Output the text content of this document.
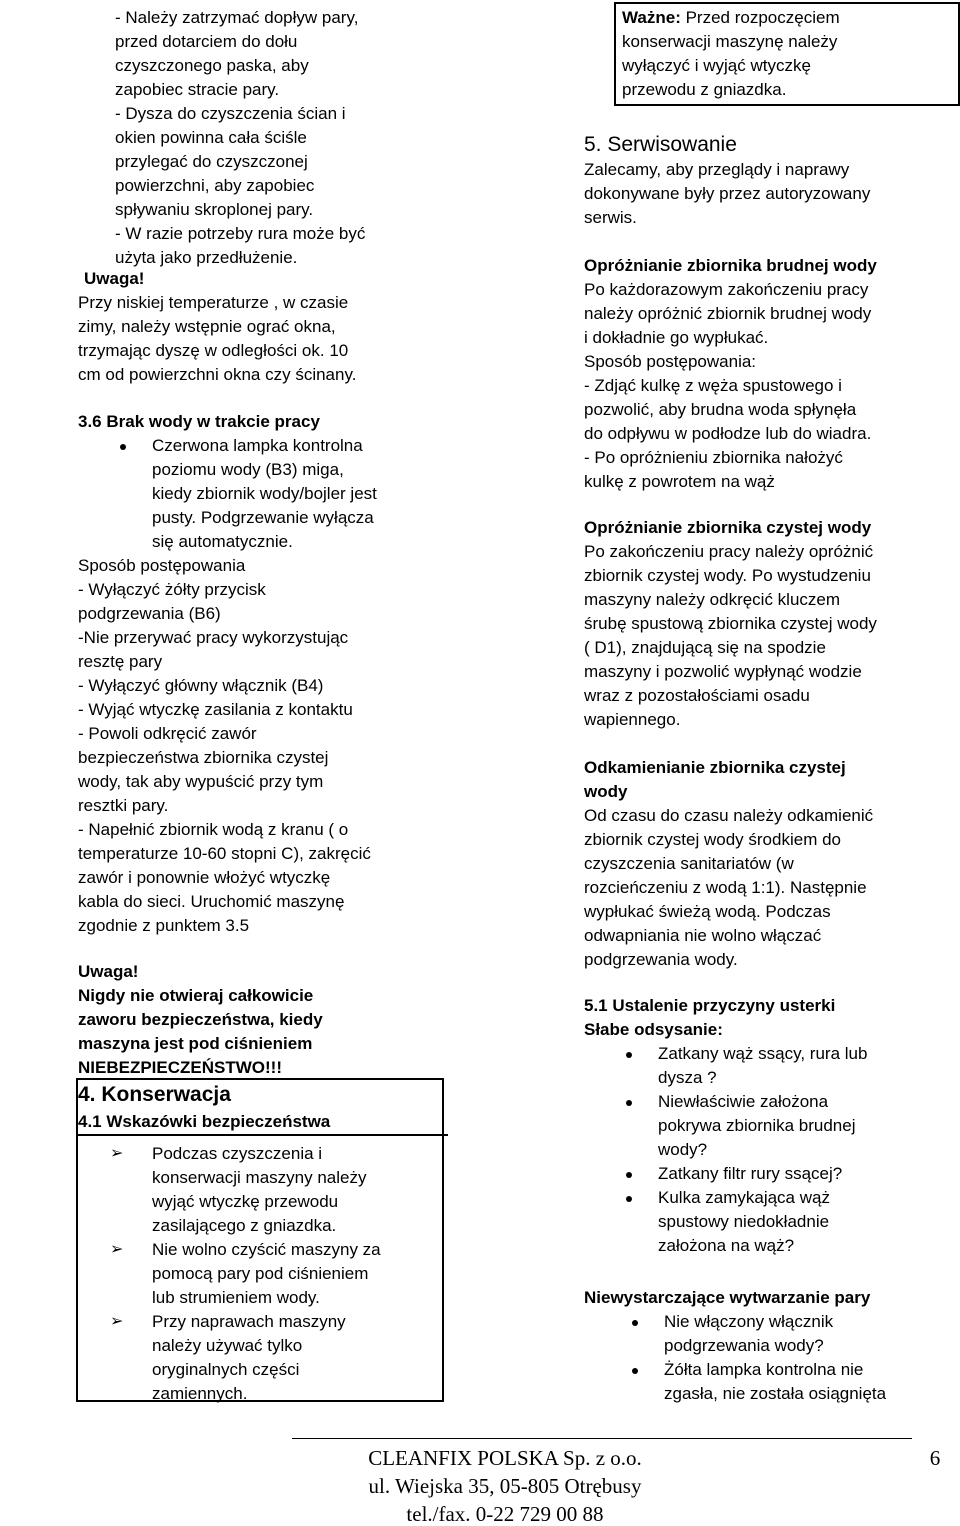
- Należy zatrzymać dopływ pary,
przed dotarciem do dołu
czyszczonego paska, aby
zapobiec stracie pary.
- Dysza do czyszczenia ścian i
okien powinna cała ściśle
przylegać do czyszczonej
powierzchni, aby zapobiec
spływaniu skroplonej pary.
- W razie potrzeby rura może być
użyta jako przedłużenie.
Uwaga!
Przy niskiej temperaturze , w czasie
zimy, należy wstępnie ograć okna,
trzymając dyszę w odległości ok. 10
cm od powierzchni okna czy ścinany.
3.6 Brak wody w trakcie pracy
Czerwona lampka kontrolna
poziomu wody (B3) miga,
kiedy zbiornik wody/bojler jest
pusty. Podgrzewanie wyłącza
się automatycznie.
Sposób postępowania
- Wyłączyć żółty przycisk
podgrzewania (B6)
-Nie przerywać pracy wykorzystując
resztę pary
- Wyłączyć główny włącznik (B4)
- Wyjąć wtyczkę zasilania z kontaktu
- Powoli odkręcić zawór
bezpieczeństwa zbiornika czystej
wody, tak aby wypuścić przy tym
resztki pary.
- Napełnić zbiornik wodą z kranu ( o
temperaturze 10-60 stopni C), zakręcić
zawór i ponownie włożyć wtyczkę
kabla do sieci. Uruchomić maszynę
zgodnie z punktem 3.5
Uwaga!
Nigdy nie otwieraj całkowicie
zaworu bezpieczeństwa, kiedy
maszyna jest pod ciśnieniem
NIEBEZPIECZEŃSTWO!!!
4. Konserwacja
4.1 Wskazówki bezpieczeństwa
➢ Podczas czyszczenia i
konserwacji maszyny należy
wyjąć wtyczkę przewodu
zasilającego z gniazdka.
➢ Nie wolno czyścić maszyny za
pomocą pary pod ciśnieniem
lub strumieniem wody.
➢ Przy naprawach maszyny
należy używać tylko
oryginalnych części
zamiennych.
Ważne: Przed rozpoczęciem
konserwacji maszynę należy
wyłączyć i wyjąć wtyczkę
przewodu z gniazdka.
5. Serwisowanie
Zalecamy, aby przeglądy i naprawy
dokonywane były przez autoryzowany
serwis.
Opróżnianie zbiornika brudnej wody
Po każdorazowym zakończeniu pracy
należy opróżnić zbiornik brudnej wody
i dokładnie go wypłukać.
Sposób postępowania:
- Zdjąć kulkę z węża spustowego i
pozwolić, aby brudna woda spłynęła
do odpływu w podłodze lub do wiadra.
- Po opróżnieniu zbiornika nałożyć
kulkę z powrotem na wąż
Opróżnianie zbiornika czystej wody
Po zakończeniu pracy należy opróżnić
zbiornik czystej wody. Po wystudzeniu
maszyny należy odkręcić kluczem
śrubę spustową zbiornika czystej wody
( D1), znajdującą się na spodzie
maszyny i pozwolić wypłynąć wodzie
wraz z pozostałościami osadu
wapiennego.
Odkamienianie zbiornika czystej
wody
Od czasu do czasu należy odkamienić
zbiornik czystej wody środkiem do
czyszczenia sanitariatów (w
rozcieńczeniu z wodą 1:1). Następnie
wypłukać świeżą wodą. Podczas
odwapniania nie wolno włączać
podgrzewania wody.
5.1 Ustalenie przyczyny usterki
Słabe odsysanie:
Zatkany wąż ssący, rura lub
dysza ?
Niewłaściwie założona
pokrywa zbiornika brudnej
wody?
Zatkany filtr rury ssącej?
Kulka zamykająca wąż
spustowy niedokładnie
założona na wąż?
Niewystarczające wytwarzanie pary
Nie włączony włącznik
podgrzewania wody?
Żółta lampka kontrolna nie
zgasła, nie została osiągnięta
CLEANFIX POLSKA Sp. z o.o.
ul. Wiejska 35, 05-805 Otrębusy
tel./fax. 0-22 729 00 88
6
